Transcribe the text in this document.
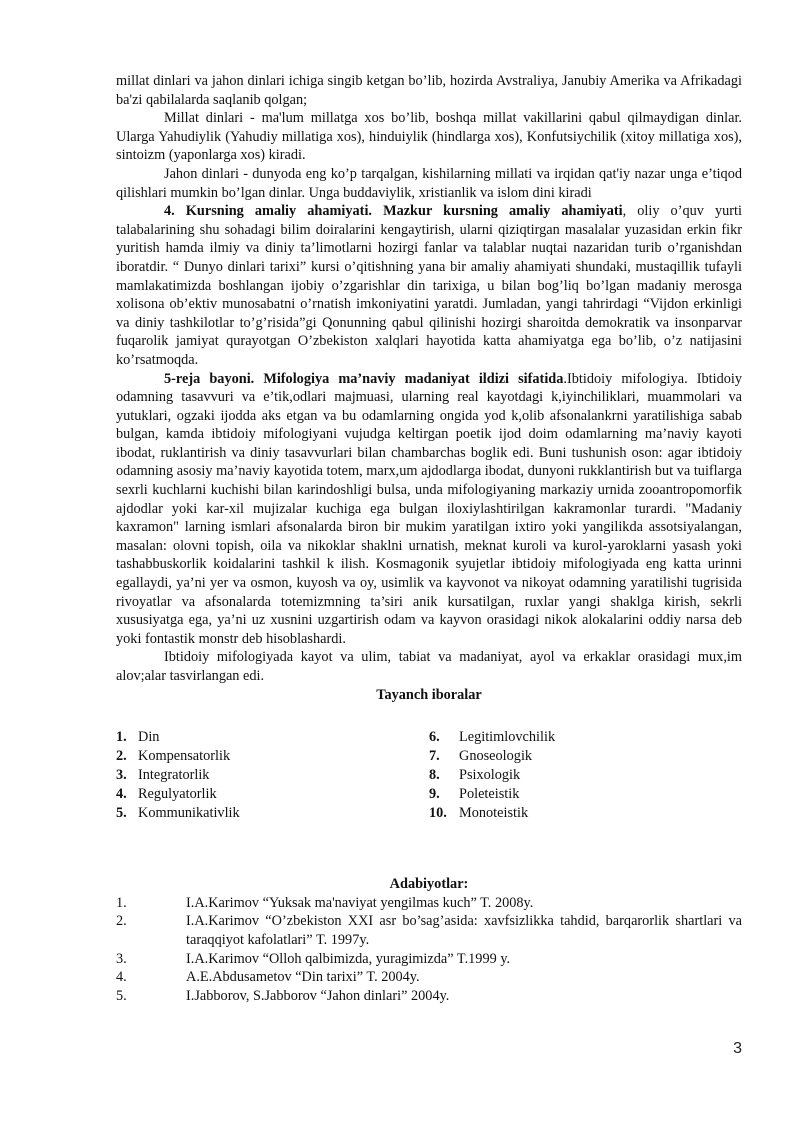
millat dinlari va jahon dinlari ichiga singib ketgan bo’lib, hozirda Avstraliya, Janubiy Amerika va Afrikadagi ba'zi qabilalarda saqlanib qolgan;

Millat dinlari - ma'lum millatga xos bo’lib, boshqa millat vakillarini qabul qilmaydigan dinlar. Ularga Yahudiylik (Yahudiy millatiga xos), hinduiylik (hindlarga xos), Konfutsiychilik (xitoy millatiga xos), sintoizm (yaponlarga xos) kiradi.

Jahon dinlari - dunyoda eng ko’p tarqalgan, kishilarning millati va irqidan qat'iy nazar unga e’tiqod qilishlari mumkin bo’lgan dinlar. Unga buddaviylik, xristianlik va islom dini kiradi

4. Kursning amaliy ahamiyati. Mazkur kursning amaliy ahamiyati, oliy o’quv yurti talabalarining shu sohadagi bilim doiralarini kengaytirish, ularni qiziqtirgan masalalar yuzasidan erkin fikr yuritish hamda ilmiy va diniy ta’limotlarni hozirgi fanlar va talablar nuqtai nazaridan turib o’rganishdan iboratdir. “ Dunyo dinlari tarixi” kursi o’qitishning yana bir amaliy ahamiyati shundaki, mustaqillik tufayli mamlakatimizda boshlangan ijobiy o’zgarishlar din tarixiga, u bilan bog’liq bo’lgan madaniy merosga xolisona ob’ektiv munosabatni o’rnatish imkoniyatini yaratdi. Jumladan, yangi tahrirdagi “Vijdon erkinligi va diniy tashkilotlar to’g’risida”gi Qonunning qabul qilinishi hozirgi sharoitda demokratik va insonparvar fuqarolik jamiyat qurayotgan O’zbekiston xalqlari hayotida katta ahamiyatga ega bo’lib, o’z natijasini ko’rsatmoqda.

5-reja bayoni. Mifologiya ma’naviy madaniyat ildizi sifatida.Ibtidoiy mifologiya. Ibtidoiy odamning tasavvuri va e’tik,odlari majmuasi, ularning real kayotdagi k,iyinchiliklari, muammolari va yutuklari, ogzaki ijodda aks etgan va bu odamlarning ongida yod k,olib afsonalankrni yaratilishiga sabab bulgan, kamda ibtidoiy mifologiyani vujudga keltirgan poetik ijod doim odamlarning ma’naviy kayoti ibodat, ruklantirish va diniy tasavvurlari bilan chambarchas boglik edi. Buni tushunish oson: agar ibtidoiy odamning asosiy ma’naviy kayotida totem, marx,um ajdodlarga ibodat, dunyoni rukklantirish but va tuiflarga sexrli kuchlarni kuchishi bilan karindoshligi bulsa, unda mifologiyaning markaziy urnida zooantropomorfik ajdodlar yoki kar-xil mujizalar kuchiga ega bulgan iloxiylashtirilgan kakramonlar turardi. "Madaniy kaxramon" larning ismlari afsonalarda biron bir mukim yaratilgan ixtiro yoki yangilikda assotsiyalangan, masalan: olovni topish, oila va nikoklar shaklni urnatish, meknat kuroli va kurol-yaroklarni yasash yoki tashabbuskorlik koidalarini tashkil k ilish. Kosmagonik syujetlar ibtidoiy mifologiyada eng katta urinni egallaydi, ya’ni yer va osmon, kuyosh va oy, usimlik va kayvonot va nikoyat odamning yaratilishi tugrisida rivoyatlar va afsonalarda totemizmning ta’siri anik kursatilgan, ruxlar yangi shaklga kirish, sekrli xususiyatga ega, ya’ni uz xusnini uzgartirish odam va kayvon orasidagi nikok alokalarini oddiy narsa deb yoki fontastik monstr deb hisoblashardi.

Ibtidoiy mifologiyada kayot va ulim, tabiat va madaniyat, ayol va erkaklar orasidagi mux,im alov;alar tasvirlangan edi.

Tayanch iboralar

1. Din
2. Kompensatorlik
3. Integratorlik
4. Regulyatorlik
5. Kommunikativlik
6.	Legitimlovchilik
7.	Gnoseologik
8.	Psixologik
9.	Poleteistik
10. Monoteistik

Adabiyotlar:

1.	I.A.Karimov “Yuksak ma'naviyat yengilmas kuch” T. 2008y.
2.	I.A.Karimov “O’zbekiston XXI asr bo’sag’asida: xavfsizlikka tahdid, barqarorlik shartlari va taraqqiyot kafolatlari” T. 1997y.
3.	I.A.Karimov “Olloh qalbimizda, yuragimizda” T.1999 y.
4.	A.E.Abdusametov “Din tarixi” T. 2004y.
5.	I.Jabborov, S.Jabborov “Jahon dinlari” 2004y.
3
